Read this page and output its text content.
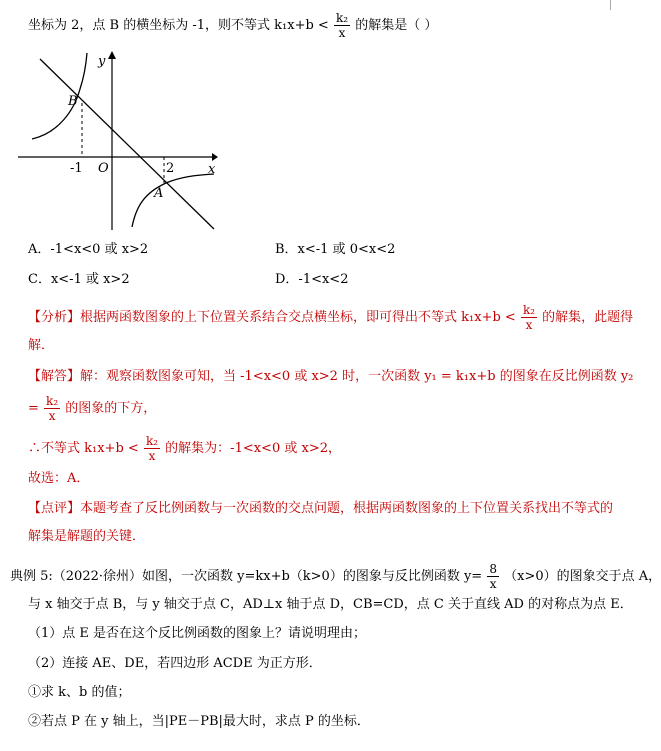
坐标为 2，点 B 的横坐标为 -1，则不等式 $k_1x+b < \frac{\text{k₂}}{x}$ 的解集是（ ）
y
x
O
B
A
-1	2
A．-1<x<0 或 x>2	B．x<-1 或 0<x<2
C．x<-1 或 x>2	D．-1<x<2
【分析】根据两函数图象的上下位置关系结合交点横坐标，即可得出不等式 $k_1x+b < \frac{\text{k₂}}{x}$ 的解集，此题得
解．
【解答】解：观察函数图象可知，当 -1<x<0 或 x>2 时，一次函数 y₁ = k₁x+b 的图象在反比例函数 y₂
= $\frac{\text{k₂}}{x}$ 的图象的下方，
∴不等式 $k_1x+b < \frac{\text{k₂}}{x}$ 的解集为：-1<x<0 或 x>2，
故选：A．
【点评】本题考查了反比例函数与一次函数的交点问题，根据两函数图象的上下位置关系找出不等式的
解集是解题的关键．
典例 5:（2022·徐州）如图，一次函数 y=kx+b（k>0）的图象与反比例函数 $y= \frac{8}{x} (x>0)$的图象交于点 A，
与 x 轴交于点 B，与 y 轴交于点 C，AD⊥x 轴于点 D，CB=CD，点 C 关于直线 AD 的对称点为点 E．
（1）点 E 是否在这个反比例函数的图象上？请说明理由；
（2）连接 AE、DE，若四边形 ACDE 为正方形．
①求 k、b 的值；
②若点 P 在 y 轴上，当|PE－PB|最大时，求点 P 的坐标．
